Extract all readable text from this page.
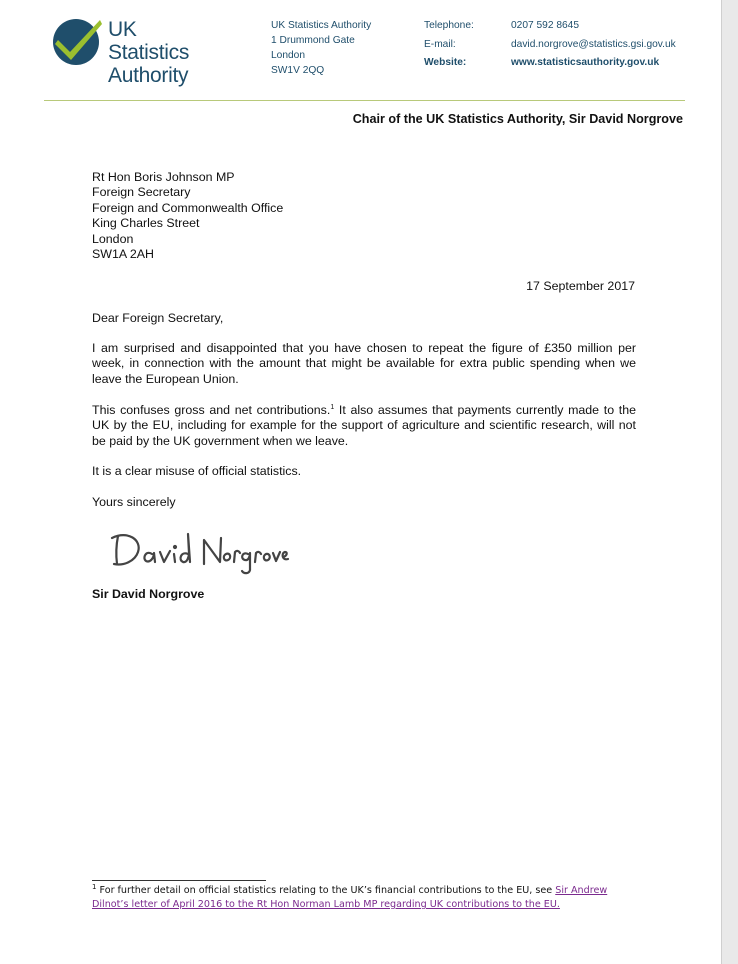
UK Statistics
Authority
UK Statistics Authority
1 Drummond Gate
London
SW1V 2QQ
Telephone:	0207 592 8645
E-mail:	david.norgrove@statistics.gsi.gov.uk
Website:	www.statisticsauthority.gov.uk
Chair of the UK Statistics Authority, Sir David Norgrove
Rt Hon Boris Johnson MP
Foreign Secretary
Foreign and Commonwealth Office
King Charles Street
London
SW1A 2AH
17 September 2017
Dear Foreign Secretary,
I am surprised and disappointed that you have chosen to repeat the figure of £350 million per week, in connection with the amount that might be available for extra public spending when we leave the European Union.
This confuses gross and net contributions.$^1$ It also assumes that payments currently made to the UK by the EU, including for example for the support of agriculture and scientific research, will not be paid by the UK government when we leave.
It is a clear misuse of official statistics.
Yours sincerely
Sir David Norgrove
$^1$ For further detail on official statistics relating to the UK’s financial contributions to the EU, see Sir Andrew Dilnot’s letter of April 2016 to the Rt Hon Norman Lamb MP regarding UK contributions to the EU.
